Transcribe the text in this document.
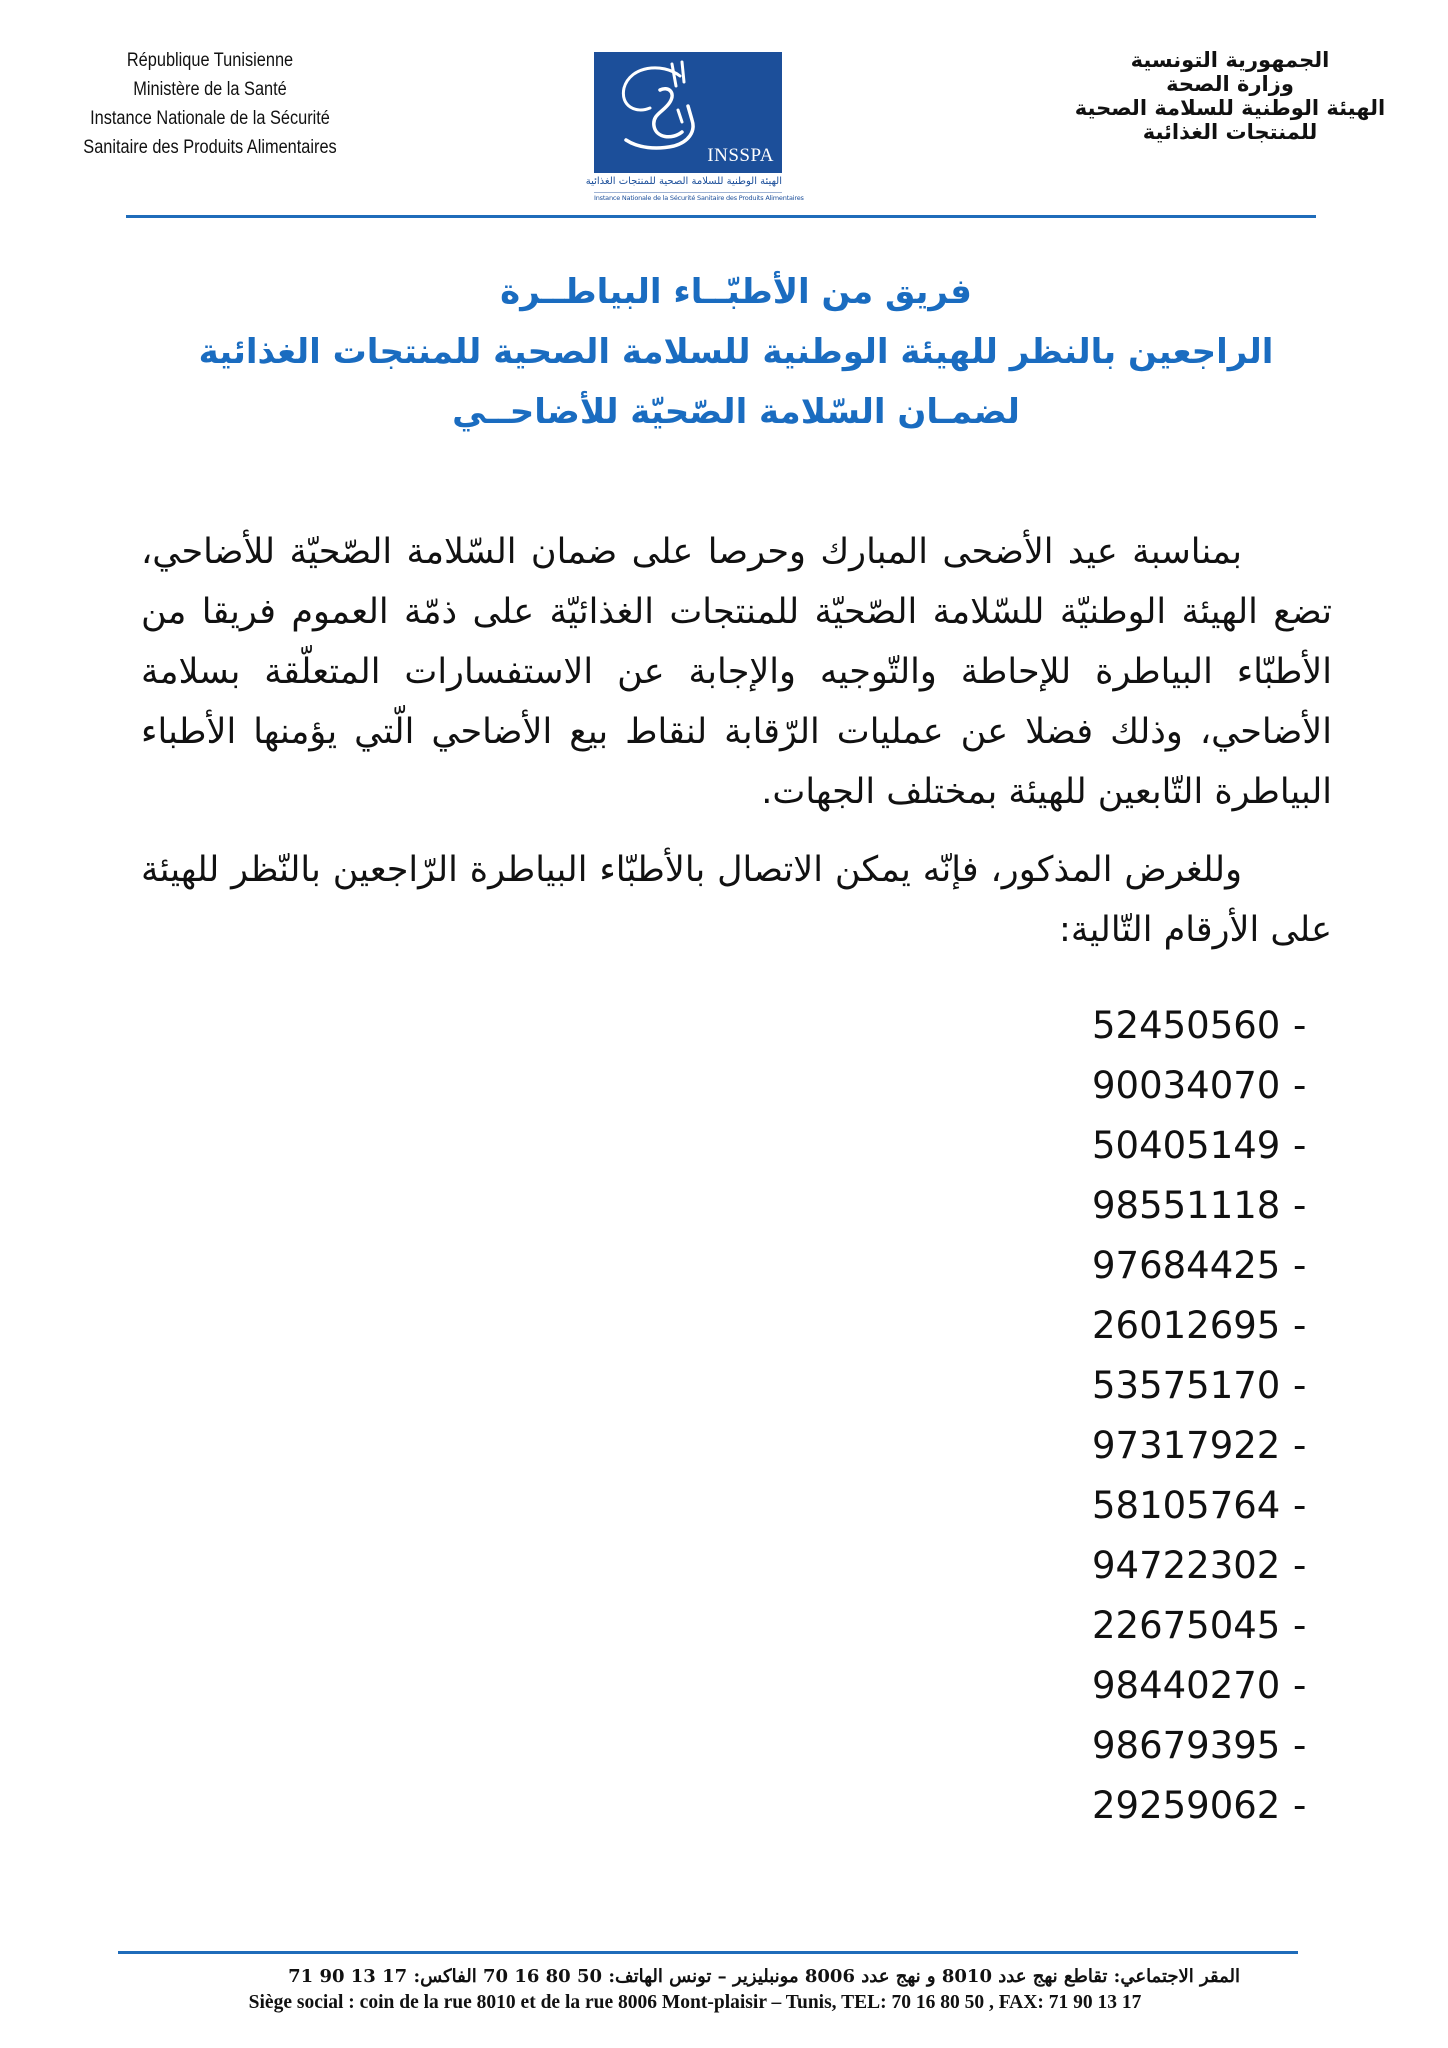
République Tunisienne
Ministère de la Santé
Instance Nationale de la Sécurité
Sanitaire des Produits Alimentaires	INSSPA
الهيئة الوطنية للسلامة الصحية للمنتجات الغذائية
Instance Nationale de la Sécurité Sanitaire des Produits Alimentaires
الجمهورية التونسية
وزارة الصحة
الهيئة الوطنية للسلامة الصحية
للمنتجات الغذائية
فريق من الأطبّــاء البياطــرة
الراجعين بالنظر للهيئة الوطنية للسلامة الصحية للمنتجات الغذائية
لضمـان السّلامة الصّحيّة للأضاحــي

بمناسبة عيد الأضحى المبارك وحرصا على ضمان السّلامة الصّحيّة للأضاحي، تضع الهيئة الوطنيّة للسّلامة الصّحيّة للمنتجات الغذائيّة على ذمّة العموم فريقا من الأطبّاء البياطرة للإحاطة والتّوجيه والإجابة عن الاستفسارات المتعلّقة بسلامة الأضاحي، وذلك فضلا عن عمليات الرّقابة لنقاط بيع الأضاحي الّتي يؤمنها الأطباء البياطرة التّابعين للهيئة بمختلف الجهات.

وللغرض المذكور، فإنّه يمكن الاتصال بالأطبّاء البياطرة الرّاجعين بالنّظر للهيئة على الأرقام التّالية:

52450560 -
90034070 -
50405149 -
98551118 -
97684425 -
26012695 -
53575170 -
97317922 -
58105764 -
94722302 -
22675045 -
98440270 -
98679395 -
29259062 -
المقر الاجتماعي: تقاطع نهج عدد 8010 و نهج عدد 8006 مونبليزير – تونس الهاتف: 50 80 16 70 الفاكس: 17 13 90 71
Siège social : coin de la rue 8010 et de la rue 8006 Mont-plaisir – Tunis, TEL: 70 16 80 50 , FAX: 71 90 13 17
